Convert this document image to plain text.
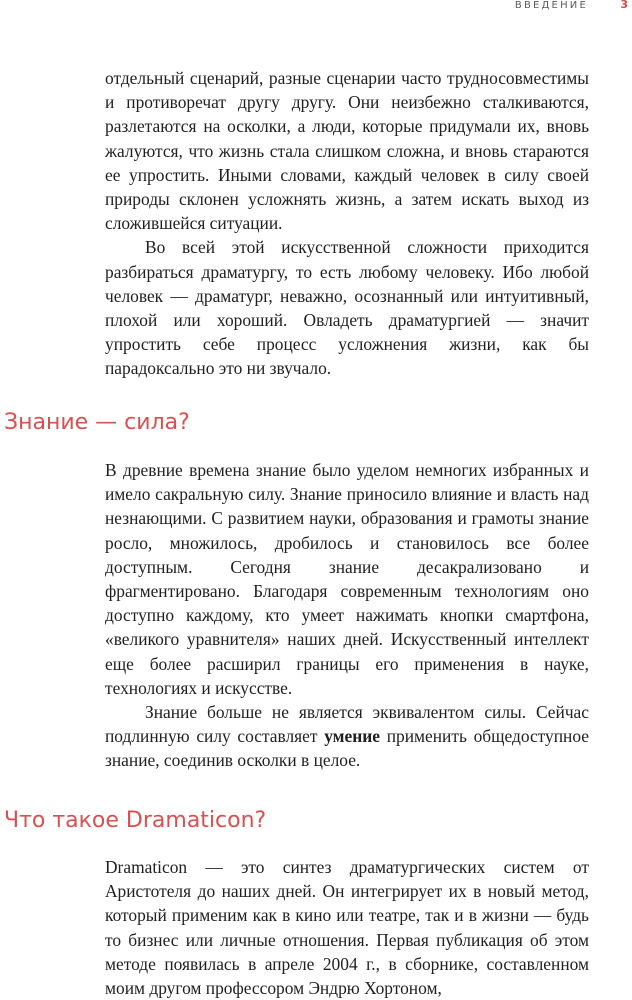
ВВЕДЕНИЕ	3

отдельный сценарий, разные сценарии часто трудносовместимы и противоречат другу другу. Они неизбежно сталкиваются, разлетаются на осколки, а люди, которые придумали их, вновь жалуются, что жизнь стала слишком сложна, и вновь стараются ее упростить. Иными словами, каждый человек в силу своей природы склонен усложнять жизнь, а затем искать выход из сложившейся ситуации.

Во всей этой искусственной сложности приходится разбираться драматургу, то есть любому человеку. Ибо любой человек — драматург, неважно, осознанный или интуитивный, плохой или хороший. Овладеть драматургией — значит упростить себе процесс усложнения жизни, как бы парадоксально это ни звучало.

Знание — сила?

В древние времена знание было уделом немногих избранных и имело сакральную силу. Знание приносило влияние и власть над незнающими. С развитием науки, образования и грамоты знание росло, множилось, дробилось и становилось все более доступным. Сегодня знание десакрализовано и фрагментировано. Благодаря современным технологиям оно доступно каждому, кто умеет нажимать кнопки смартфона, «великого уравнителя» наших дней. Искусственный интеллект еще более расширил границы его применения в науке, технологиях и искусстве.

Знание больше не является эквивалентом силы. Сейчас подлинную силу составляет умение применить общедоступное знание, соединив осколки в целое.

Что такое Dramaticon?

Dramaticon — это синтез драматургических систем от Аристотеля до наших дней. Он интегрирует их в новый метод, который применим как в кино или театре, так и в жизни — будь то бизнес или личные отношения. Первая публикация об этом методе появилась в апреле 2004 г., в сборнике, составленном моим другом профессором Эндрю Хортоном,
